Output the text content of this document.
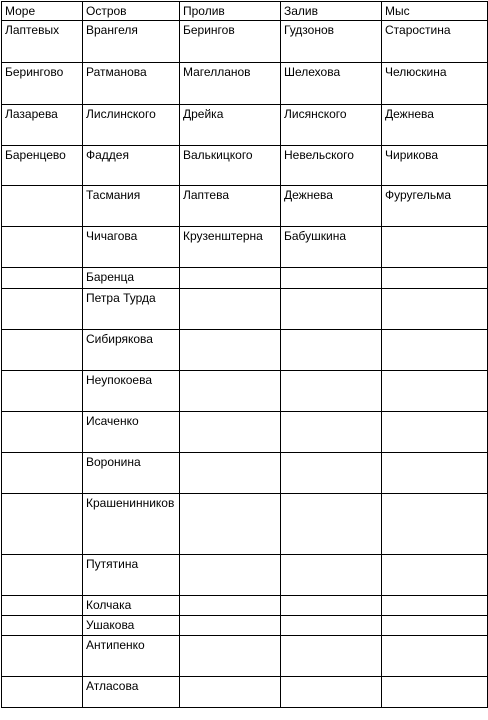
Море	Остров	Пролив	Залив	Мыс
Лаптевых	Врангеля	Берингов	Гудзонов	Старостина
Берингово	Ратманова	Магелланов	Шелехова	Челюскина
Лазарева	Лислинского	Дрейка	Лисянского	Дежнева
Баренцево	Фаддея	Валькицкого	Невельского	Чирикова
	Тасмания	Лаптева	Дежнева	Фуругельма
	Чичагова	Крузенштерна	Бабушкина	
	Баренца			
	Петра Турда			
	Сибирякова			
	Неупокоева			
	Исаченко			
	Воронина			
	Крашенинников			
	Путятина			
	Колчака			
	Ушакова			
	Антипенко			
	Атласова			
